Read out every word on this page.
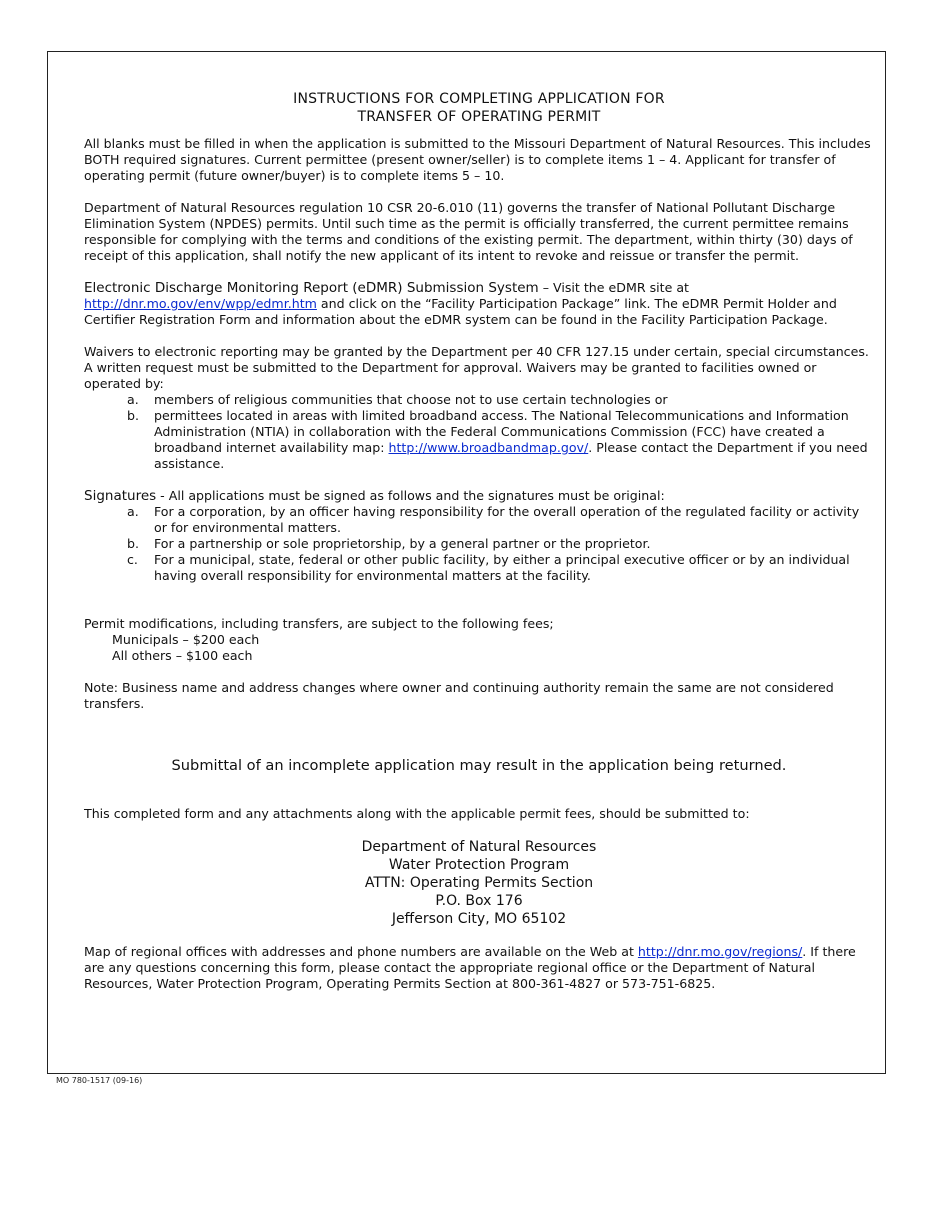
INSTRUCTIONS FOR COMPLETING APPLICATION FOR
TRANSFER OF OPERATING PERMIT

All blanks must be filled in when the application is submitted to the Missouri Department of Natural Resources. This includes BOTH required signatures. Current permittee (present owner/seller) is to complete items 1 – 4. Applicant for transfer of operating permit (future owner/buyer) is to complete items 5 – 10.

Department of Natural Resources regulation 10 CSR 20-6.010 (11) governs the transfer of National Pollutant Discharge Elimination System (NPDES) permits. Until such time as the permit is officially transferred, the current permittee remains responsible for complying with the terms and conditions of the existing permit. The department, within thirty (30) days of receipt of this application, shall notify the new applicant of its intent to revoke and reissue or transfer the permit.

Electronic Discharge Monitoring Report (eDMR) Submission System – Visit the eDMR site at
http://dnr.mo.gov/env/wpp/edmr.htm and click on the “Facility Participation Package” link. The eDMR Permit Holder and Certifier Registration Form and information about the eDMR system can be found in the Facility Participation Package.

Waivers to electronic reporting may be granted by the Department per 40 CFR 127.15 under certain, special circumstances. A written request must be submitted to the Department for approval. Waivers may be granted to facilities owned or operated by:

a.	members of religious communities that choose not to use certain technologies or
b.	permittees located in areas with limited broadband access. The National Telecommunications and Information Administration (NTIA) in collaboration with the Federal Communications Commission (FCC) have created a broadband internet availability map: http://www.broadbandmap.gov/. Please contact the Department if you need assistance.

Signatures - All applications must be signed as follows and the signatures must be original:

a.	For a corporation, by an officer having responsibility for the overall operation of the regulated facility or activity or for environmental matters.
b.	For a partnership or sole proprietorship, by a general partner or the proprietor.
c.	For a municipal, state, federal or other public facility, by either a principal executive officer or by an individual having overall responsibility for environmental matters at the facility.

Permit modifications, including transfers, are subject to the following fees;

Municipals – $200 each
All others – $100 each

Note: Business name and address changes where owner and continuing authority remain the same are not considered transfers.

Submittal of an incomplete application may result in the application being returned.

This completed form and any attachments along with the applicable permit fees, should be submitted to:

Department of Natural Resources
Water Protection Program
ATTN: Operating Permits Section
P.O. Box 176
Jefferson City, MO 65102

Map of regional offices with addresses and phone numbers are available on the Web at http://dnr.mo.gov/regions/. If there are any questions concerning this form, please contact the appropriate regional office or the Department of Natural Resources, Water Protection Program, Operating Permits Section at 800-361-4827 or 573-751-6825.

MO 780-1517 (09-16)
